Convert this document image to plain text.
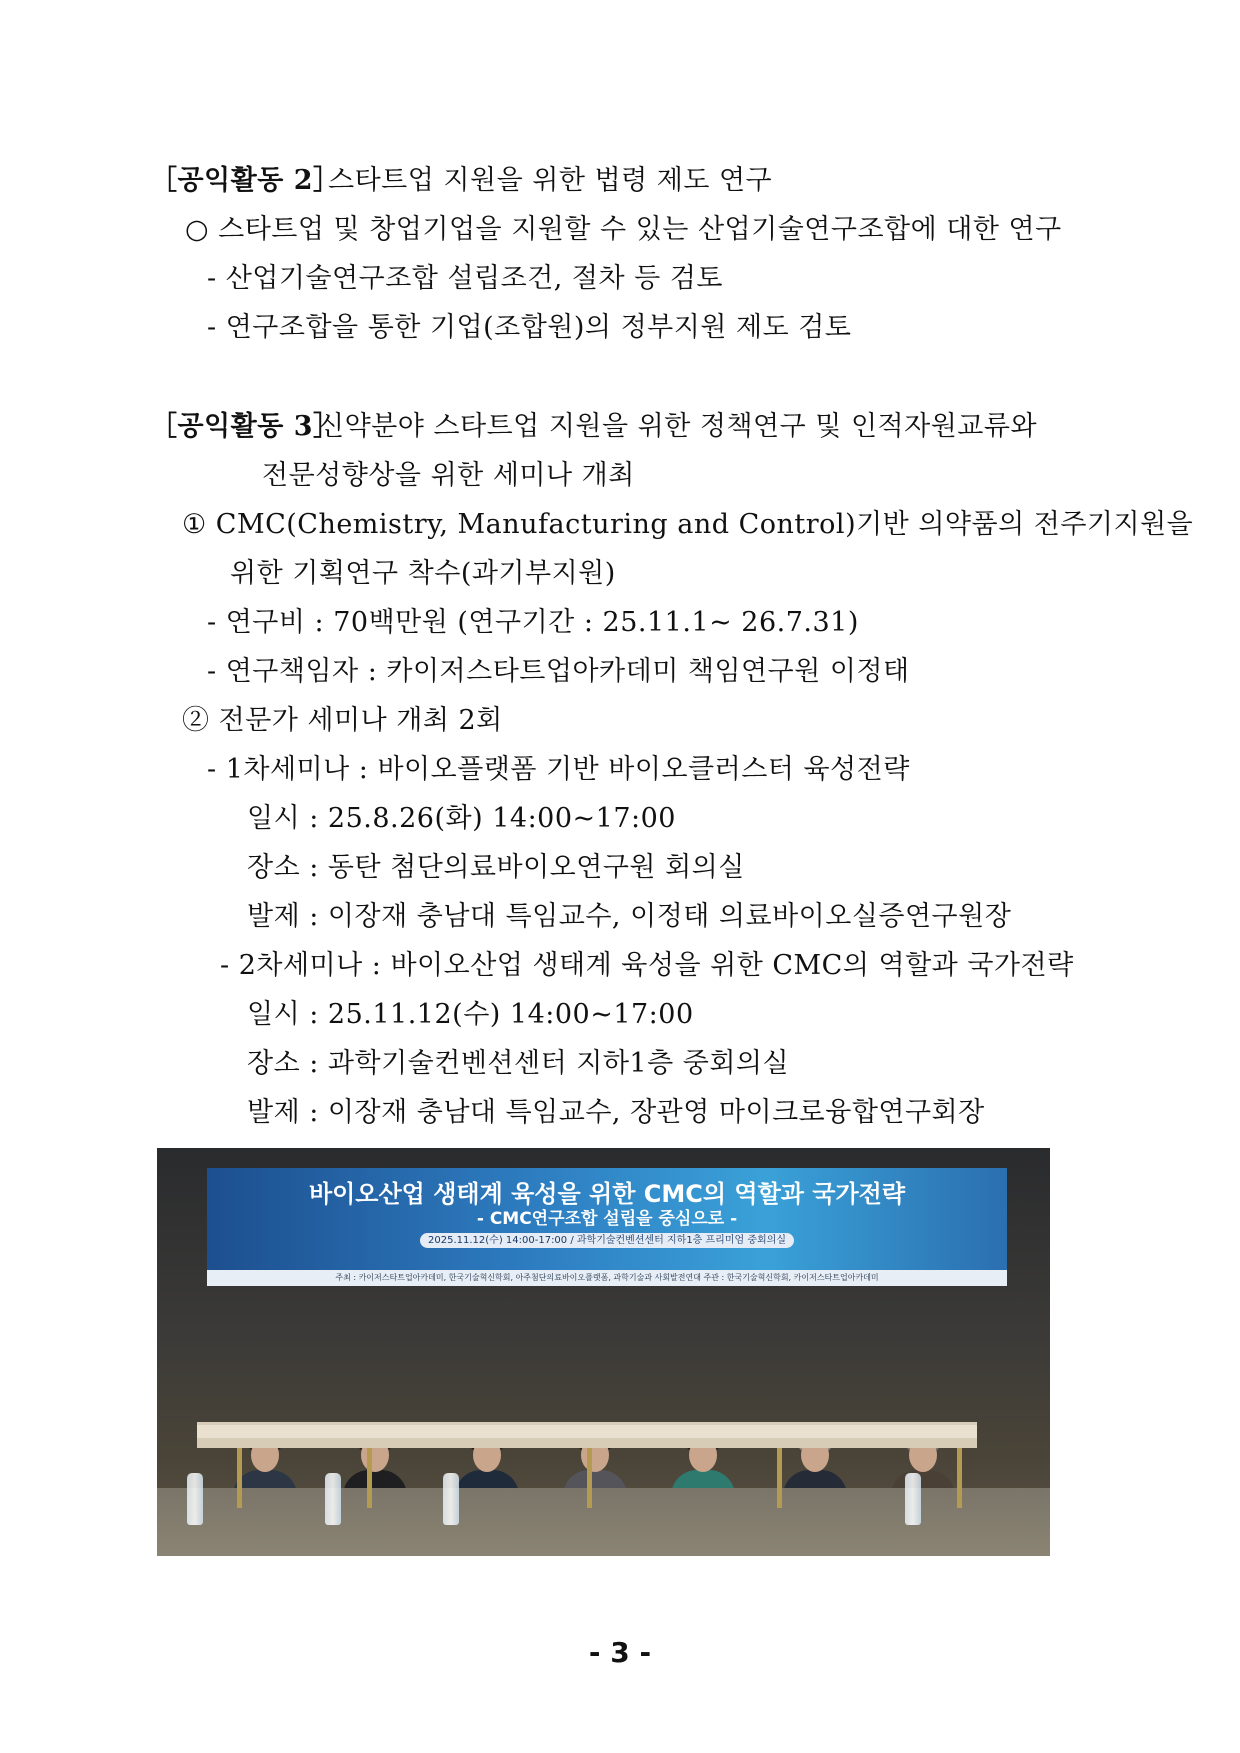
［공익활동 2］
스타트업 지원을 위한 법령 제도 연구
○ 스타트업 및 창업기업을 지원할 수 있는 산업기술연구조합에 대한 연구
- 산업기술연구조합 설립조건, 절차 등 검토
- 연구조합을 통한 기업(조합원)의 정부지원 제도 검토
［공익활동 3］
신약분야 스타트업 지원을 위한 정책연구 및 인적자원교류와
전문성향상을 위한 세미나 개최
① CMC(Chemistry, Manufacturing and Control)기반 의약품의 전주기지원을
위한 기획연구 착수(과기부지원)
- 연구비 : 70백만원 (연구기간 : 25.11.1~ 26.7.31)
- 연구책임자 : 카이저스타트업아카데미 책임연구원 이정태
② 전문가 세미나 개최 2회
- 1차세미나 : 바이오플랫폼 기반 바이오클러스터 육성전략
일시 : 25.8.26(화) 14:00~17:00
장소 : 동탄 첨단의료바이오연구원 회의실
발제 : 이장재 충남대 특임교수, 이정태 의료바이오실증연구원장
- 2차세미나 : 바이오산업 생태계 육성을 위한 CMC의 역할과 국가전략
일시 : 25.11.12(수) 14:00~17:00
장소 : 과학기술컨벤션센터 지하1층 중회의실
발제 : 이장재 충남대 특임교수, 장관영 마이크로융합연구회장
바이오산업 생태계 육성을 위한 CMC의 역할과 국가전략
- CMC연구조합 설립을 중심으로 -
2025.11.12(수) 14:00-17:00 / 과학기술컨벤션센터 지하1층 프리미엄 중회의실
주최 : 카이저스타트업아카데미, 한국기술혁신학회, 아주첨단의료바이오플랫폼, 과학기술과 사회발전연대 주관 : 한국기술혁신학회, 카이저스타트업아카데미
- 3 -
